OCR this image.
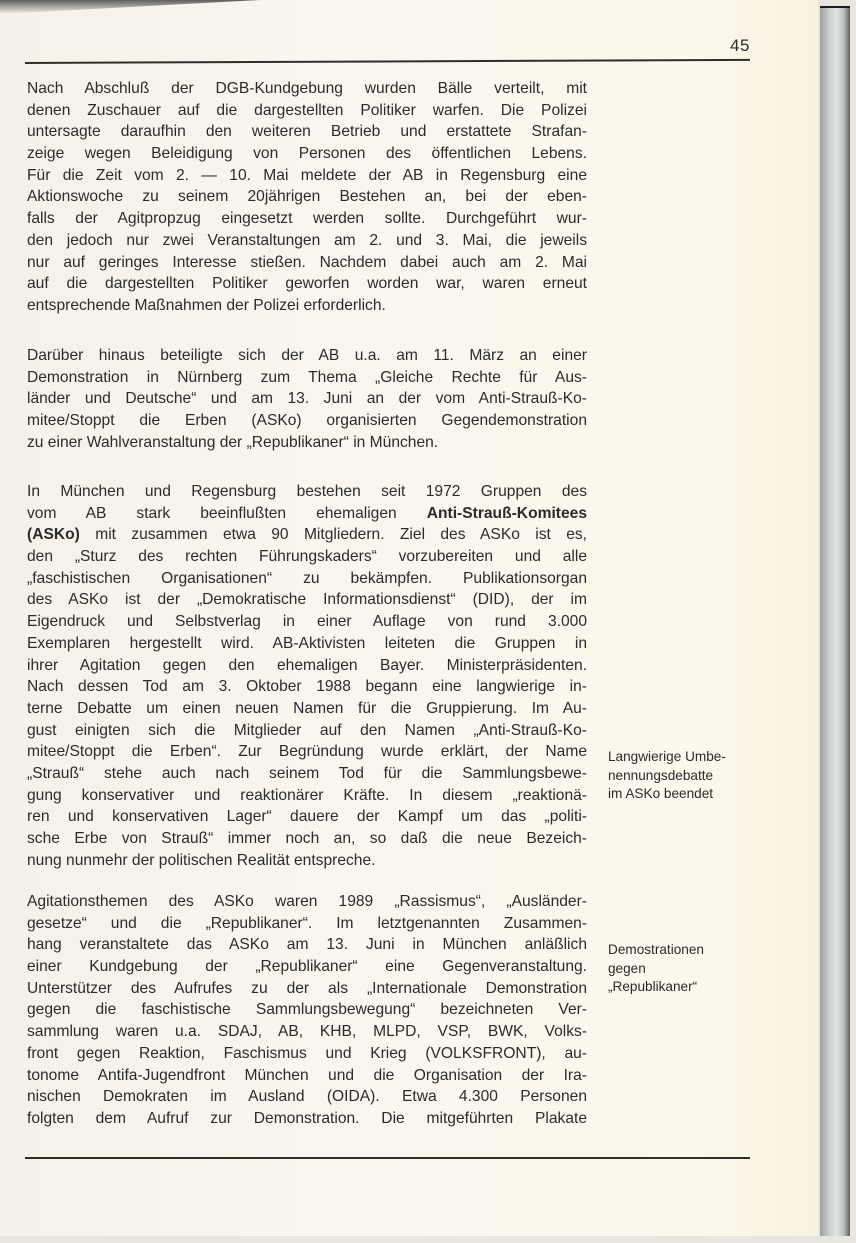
45
Nach Abschluß der DGB-Kundgebung wurden Bälle verteilt, mit
denen Zuschauer auf die dargestellten Politiker warfen. Die Polizei
untersagte daraufhin den weiteren Betrieb und erstattete Strafan-
zeige wegen Beleidigung von Personen des öffentlichen Lebens.
Für die Zeit vom 2. — 10. Mai meldete der AB in Regensburg eine
Aktionswoche zu seinem 20jährigen Bestehen an, bei der eben-
falls der Agitpropzug eingesetzt werden sollte. Durchgeführt wur-
den jedoch nur zwei Veranstaltungen am 2. und 3. Mai, die jeweils
nur auf geringes Interesse stießen. Nachdem dabei auch am 2. Mai
auf die dargestellten Politiker geworfen worden war, waren erneut
entsprechende Maßnahmen der Polizei erforderlich.
Darüber hinaus beteiligte sich der AB u.a. am 11. März an einer
Demonstration in Nürnberg zum Thema „Gleiche Rechte für Aus-
länder und Deutsche“ und am 13. Juni an der vom Anti-Strauß-Ko-
mitee/Stoppt die Erben (ASKo) organisierten Gegendemonstration
zu einer Wahlveranstaltung der „Republikaner“ in München.
In München und Regensburg bestehen seit 1972 Gruppen des
vom AB stark beeinflußten ehemaligen Anti-Strauß-Komitees
(ASKo) mit zusammen etwa 90 Mitgliedern. Ziel des ASKo ist es,
den „Sturz des rechten Führungskaders“ vorzubereiten und alle
„faschistischen Organisationen“ zu bekämpfen. Publikationsorgan
des ASKo ist der „Demokratische Informationsdienst“ (DID), der im
Eigendruck und Selbstverlag in einer Auflage von rund 3.000
Exemplaren hergestellt wird. AB-Aktivisten leiteten die Gruppen in
ihrer Agitation gegen den ehemaligen Bayer. Ministerpräsidenten.
Nach dessen Tod am 3. Oktober 1988 begann eine langwierige in-
terne Debatte um einen neuen Namen für die Gruppierung. Im Au-
gust einigten sich die Mitglieder auf den Namen „Anti-Strauß-Ko-
mitee/Stoppt die Erben“. Zur Begründung wurde erklärt, der Name
„Strauß“ stehe auch nach seinem Tod für die Sammlungsbewe-
gung konservativer und reaktionärer Kräfte. In diesem „reaktionä-
ren und konservativen Lager“ dauere der Kampf um das „politi-
sche Erbe von Strauß“ immer noch an, so daß die neue Bezeich-
nung nunmehr der politischen Realität entspreche.
Agitationsthemen des ASKo waren 1989 „Rassismus“, „Ausländer-
gesetze“ und die „Republikaner“. Im letztgenannten Zusammen-
hang veranstaltete das ASKo am 13. Juni in München anläßlich
einer Kundgebung der „Republikaner“ eine Gegenveranstaltung.
Unterstützer des Aufrufes zu der als „Internationale Demonstration
gegen die faschistische Sammlungsbewegung“ bezeichneten Ver-
sammlung waren u.a. SDAJ, AB, KHB, MLPD, VSP, BWK, Volks-
front gegen Reaktion, Faschismus und Krieg (VOLKSFRONT), au-
tonome Antifa-Jugendfront München und die Organisation der Ira-
nischen Demokraten im Ausland (OIDA). Etwa 4.300 Personen
folgten dem Aufruf zur Demonstration. Die mitgeführten Plakate
Langwierige Umbe-
nennungsdebatte
im ASKo beendet
Demostrationen
gegen
„Republikaner“
